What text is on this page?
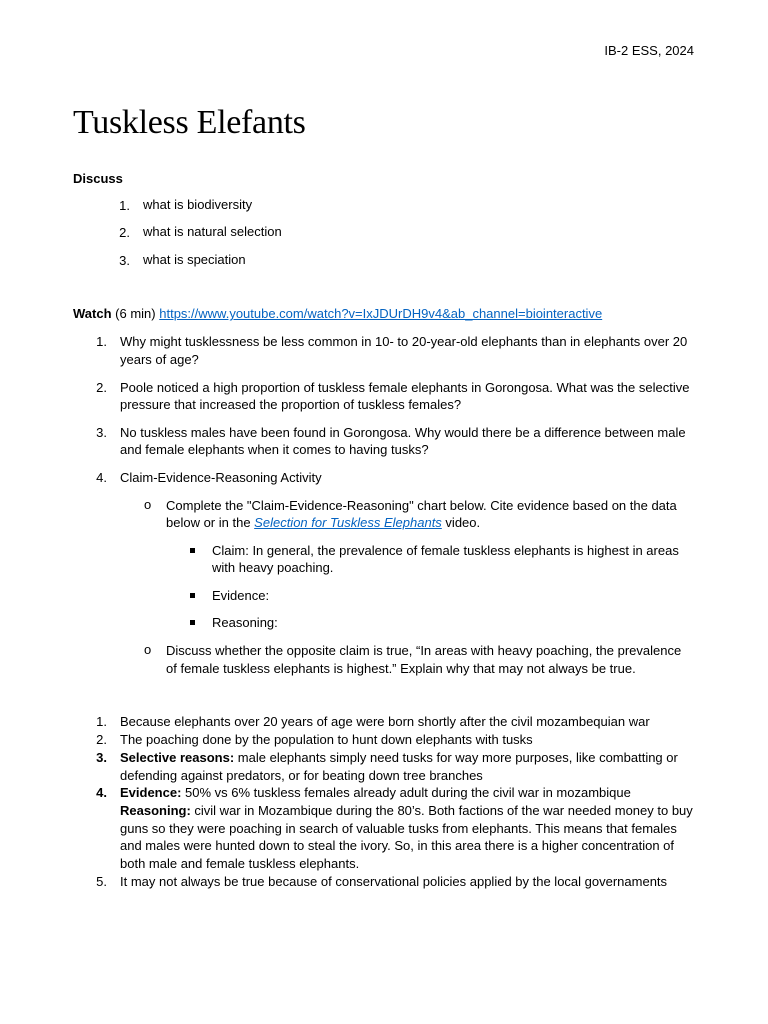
IB-2 ESS, 2024
Tuskless Elefants
Discuss
1. what is biodiversity
2. what is natural selection
3. what is speciation
Watch (6 min) https://www.youtube.com/watch?v=IxJDUrDH9v4&ab_channel=biointeractive
1. Why might tusklessness be less common in 10- to 20-year-old elephants than in elephants over 20
years of age?
2. Poole noticed a high proportion of tuskless female elephants in Gorongosa. What was the selective
pressure that increased the proportion of tuskless females?
3. No tuskless males have been found in Gorongosa. Why would there be a difference between male
and female elephants when it comes to having tusks?
4. Claim-Evidence-Reasoning Activity
o Complete the "Claim-Evidence-Reasoning" chart below. Cite evidence based on the data
below or in the Selection for Tuskless Elephants video.
Claim: In general, the prevalence of female tuskless elephants is highest in areas
with heavy poaching.
Evidence:
Reasoning:
o Discuss whether the opposite claim is true, “In areas with heavy poaching, the prevalence
of female tuskless elephants is highest.” Explain why that may not always be true.
1. Because elephants over 20 years of age were born shortly after the civil mozambequian war
2. The poaching done by the population to hunt down elephants with tusks
3. Selective reasons: male elephants simply need tusks for way more purposes, like combatting or
defending against predators, or for beating down tree branches
4. Evidence: 50% vs 6% tuskless females already adult during the civil war in mozambique
Reasoning: civil war in Mozambique during the 80’s. Both factions of the war needed money to buy
guns so they were poaching in search of valuable tusks from elephants. This means that females
and males were hunted down to steal the ivory. So, in this area there is a higher concentration of
both male and female tuskless elephants.
5. It may not always be true because of conservational policies applied by the local governaments
